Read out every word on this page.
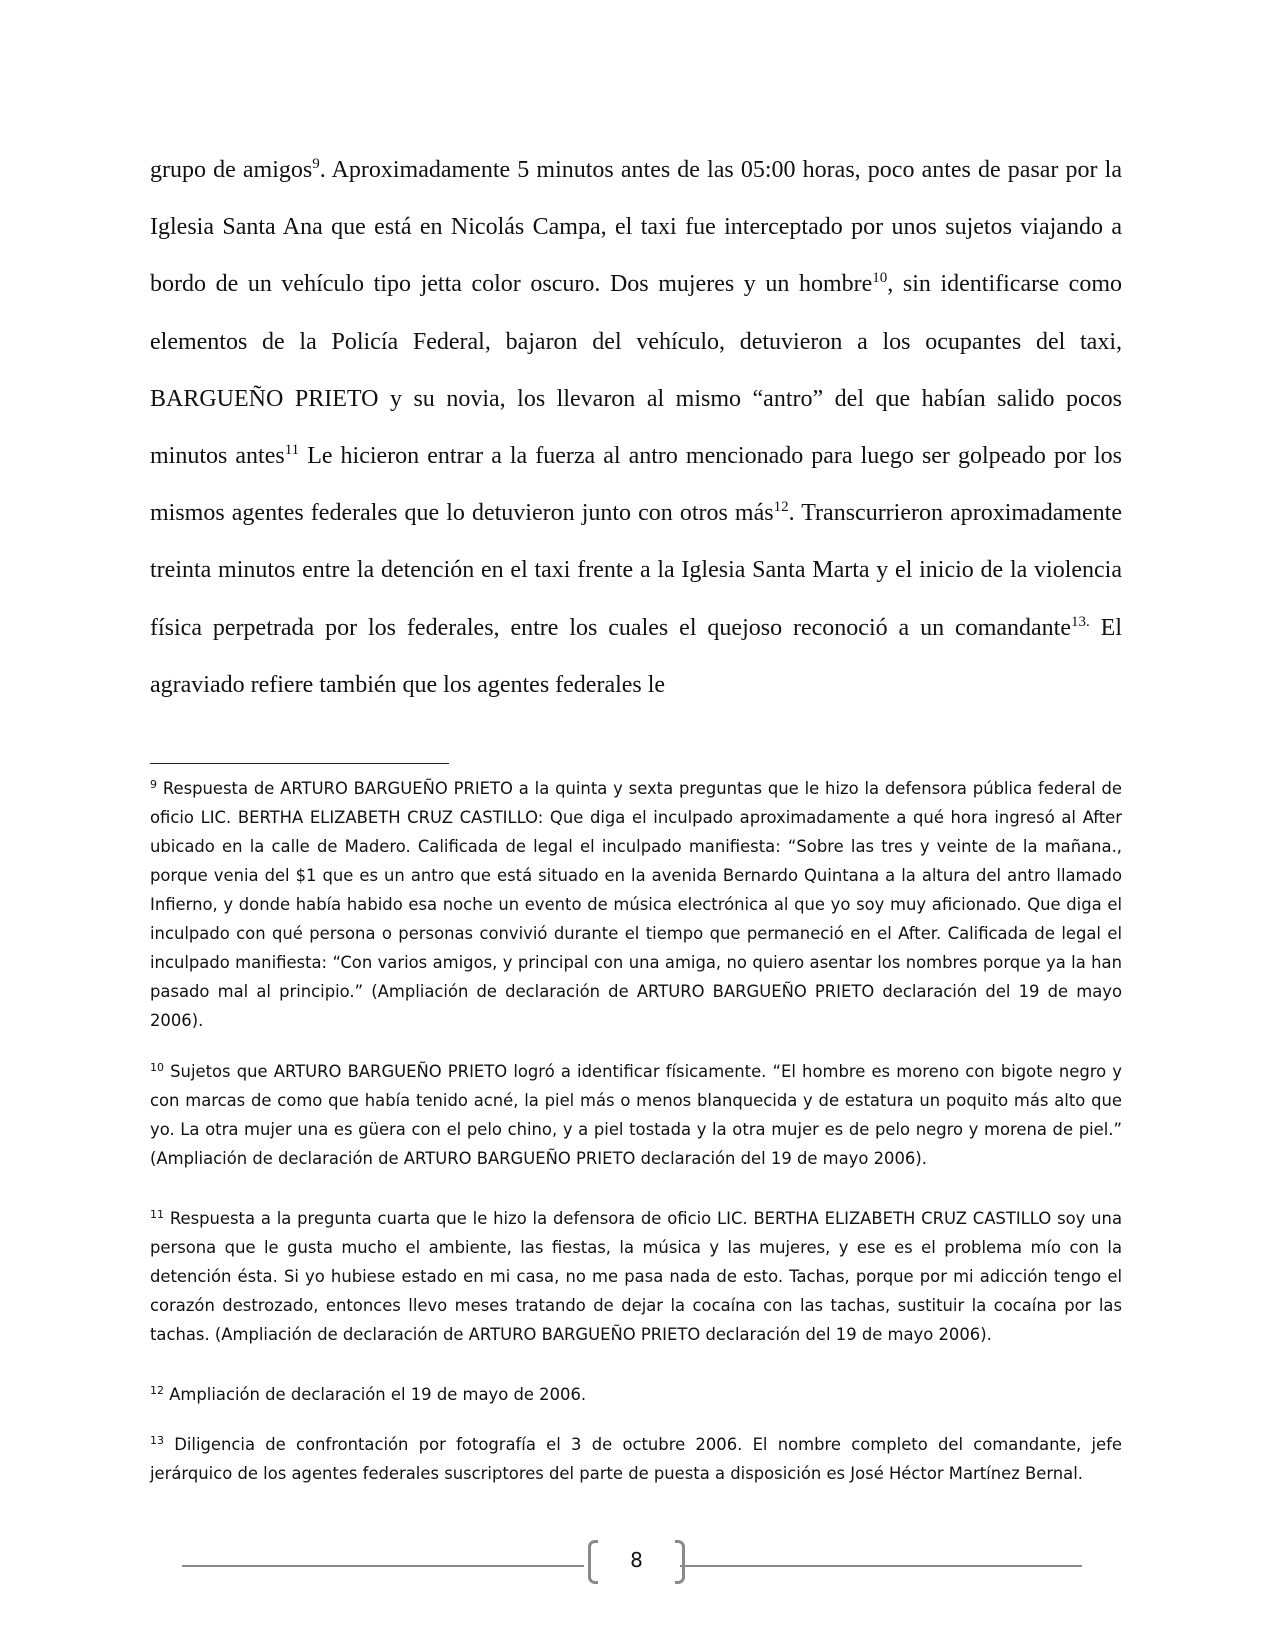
grupo de amigos$^9$. Aproximadamente 5 minutos antes de las 05:00 horas, poco antes de pasar por la Iglesia Santa Ana que está en Nicolás Campa, el taxi fue interceptado por unos sujetos viajando a bordo de un vehículo tipo jetta color oscuro. Dos mujeres y un hombre$^{10}$, sin identificarse como elementos de la Policía Federal, bajaron del vehículo, detuvieron a los ocupantes del taxi, BARGUEÑO PRIETO y su novia, los llevaron al mismo “antro” del que habían salido pocos minutos antes$^{11}$ Le hicieron entrar a la fuerza al antro mencionado para luego ser golpeado por los mismos agentes federales que lo detuvieron junto con otros más$^{12}$. Transcurrieron aproximadamente treinta minutos entre la detención en el taxi frente a la Iglesia Santa Marta y el inicio de la violencia física perpetrada por los federales, entre los cuales el quejoso reconoció a un comandante$^{13.}$ El agraviado refiere también que los agentes federales le

$^9$ Respuesta de ARTURO BARGUEÑO PRIETO a la quinta y sexta preguntas que le hizo la defensora pública federal de oficio LIC. BERTHA ELIZABETH CRUZ CASTILLO: Que diga el inculpado aproximadamente a qué hora ingresó al After ubicado en la calle de Madero. Calificada de legal el inculpado manifiesta: “Sobre las tres y veinte de la mañana., porque venia del $1 que es un antro que está situado en la avenida Bernardo Quintana a la altura del antro llamado Infierno, y donde había habido esa noche un evento de música electrónica al que yo soy muy aficionado. Que diga el inculpado con qué persona o personas convivió durante el tiempo que permaneció en el After. Calificada de legal el inculpado manifiesta: “Con varios amigos, y principal con una amiga, no quiero asentar los nombres porque ya la han pasado mal al principio.” (Ampliación de declaración de ARTURO BARGUEÑO PRIETO declaración del 19 de mayo 2006).

$^{10}$ Sujetos que ARTURO BARGUEÑO PRIETO logró a identificar físicamente. “El hombre es moreno con bigote negro y con marcas de como que había tenido acné, la piel más o menos blanquecida y de estatura un poquito más alto que yo. La otra mujer una es güera con el pelo chino, y a piel tostada y la otra mujer es de pelo negro y morena de piel.” (Ampliación de declaración de ARTURO BARGUEÑO PRIETO declaración del 19 de mayo 2006).

$^{11}$ Respuesta a la pregunta cuarta que le hizo la defensora de oficio LIC. BERTHA ELIZABETH CRUZ CASTILLO soy una persona que le gusta mucho el ambiente, las fiestas, la música y las mujeres, y ese es el problema mío con la detención ésta. Si yo hubiese estado en mi casa, no me pasa nada de esto. Tachas, porque por mi adicción tengo el corazón destrozado, entonces llevo meses tratando de dejar la cocaína con las tachas, sustituir la cocaína por las tachas. (Ampliación de declaración de ARTURO BARGUEÑO PRIETO declaración del 19 de mayo 2006).

$^{12}$ Ampliación de declaración el 19 de mayo de 2006.

$^{13}$ Diligencia de confrontación por fotografía el 3 de octubre 2006. El nombre completo del comandante, jefe jerárquico de los agentes federales suscriptores del parte de puesta a disposición es José Héctor Martínez Bernal.

8
